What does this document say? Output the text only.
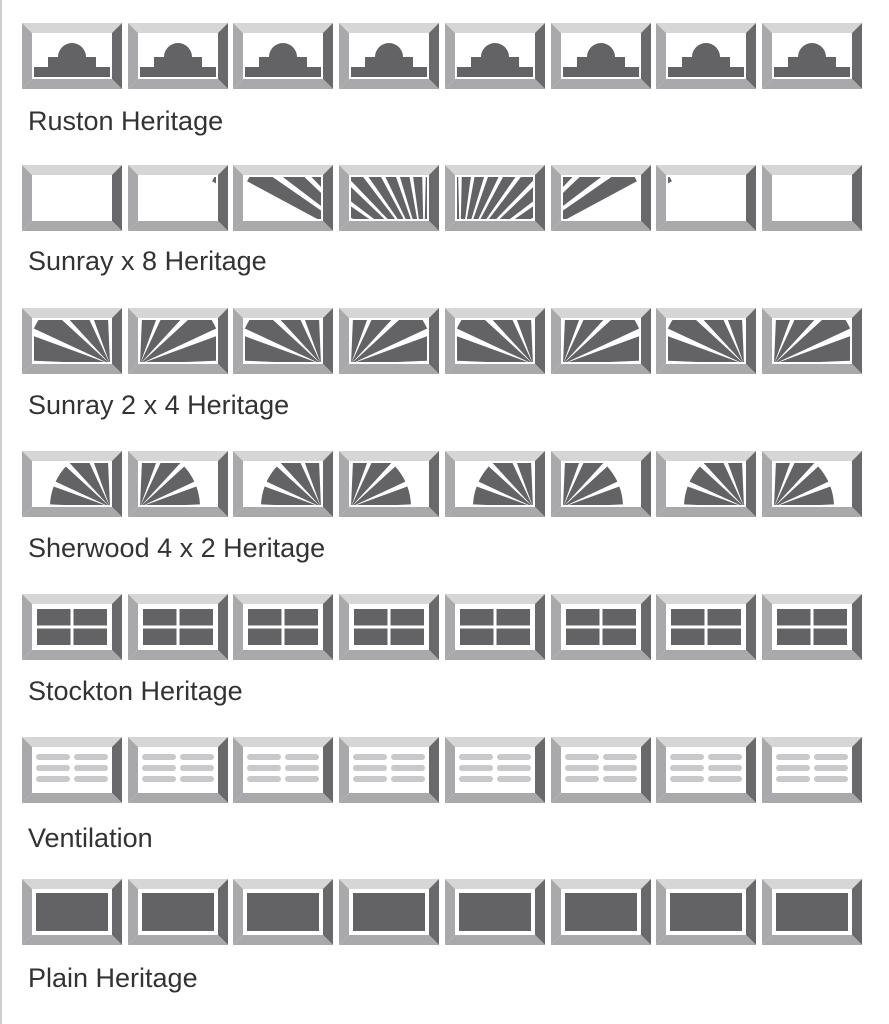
Ruston Heritage
Sunray x 8 Heritage
Sunray 2 x 4 Heritage
Sherwood 4 x 2 Heritage
Stockton Heritage
Ventilation
Plain Heritage
